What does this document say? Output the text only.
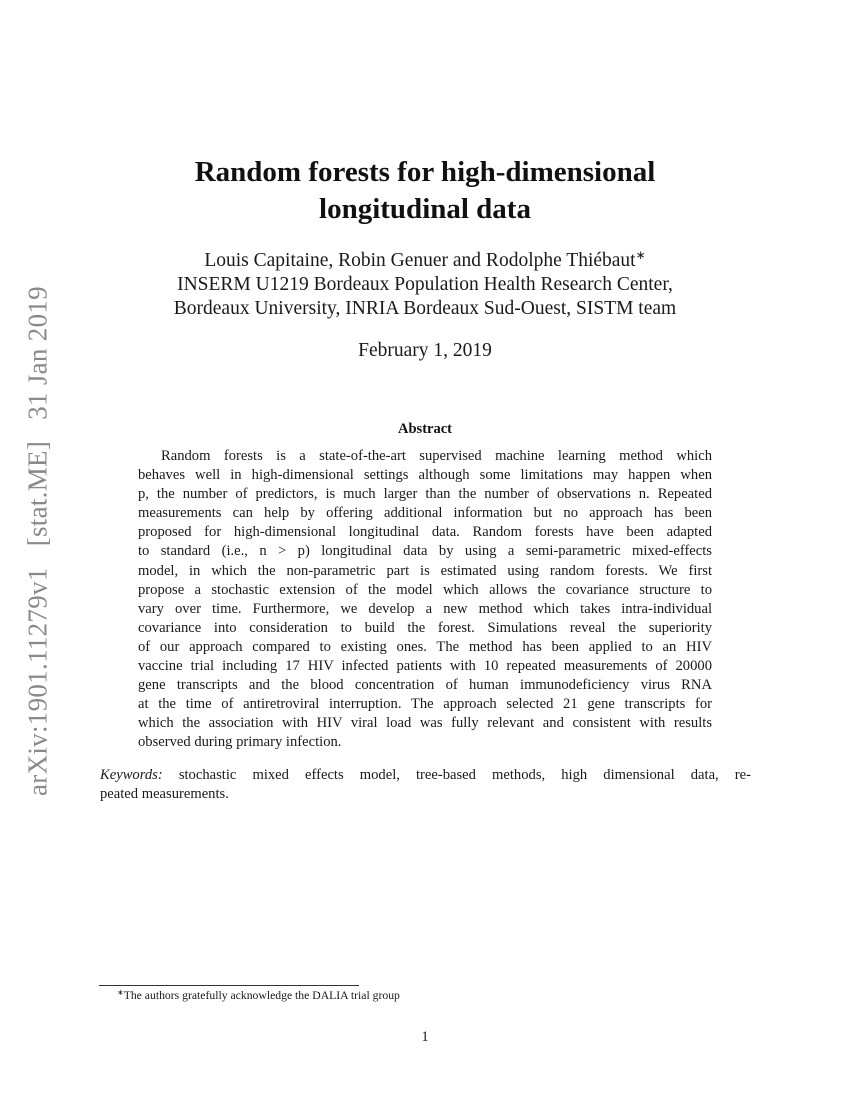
arXiv:1901.11279v1 [stat.ME] 31 Jan 2019
Random forests for high-dimensional
longitudinal data
Louis Capitaine, Robin Genuer and Rodolphe Thiébaut∗
INSERM U1219 Bordeaux Population Health Research Center,
Bordeaux University, INRIA Bordeaux Sud-Ouest, SISTM team
February 1, 2019
Abstract
Random forests is a state-of-the-art supervised machine learning method which
behaves well in high-dimensional settings although some limitations may happen when
p, the number of predictors, is much larger than the number of observations n. Repeated
measurements can help by offering additional information but no approach has been
proposed for high-dimensional longitudinal data. Random forests have been adapted
to standard (i.e., n > p) longitudinal data by using a semi-parametric mixed-effects
model, in which the non-parametric part is estimated using random forests. We first
propose a stochastic extension of the model which allows the covariance structure to
vary over time. Furthermore, we develop a new method which takes intra-individual
covariance into consideration to build the forest. Simulations reveal the superiority
of our approach compared to existing ones. The method has been applied to an HIV
vaccine trial including 17 HIV infected patients with 10 repeated measurements of 20000
gene transcripts and the blood concentration of human immunodeficiency virus RNA
at the time of antiretroviral interruption. The approach selected 21 gene transcripts for
which the association with HIV viral load was fully relevant and consistent with results
observed during primary infection.
Keywords: stochastic mixed effects model, tree-based methods, high dimensional data, re-
peated measurements.
∗The authors gratefully acknowledge the DALIA trial group
1
